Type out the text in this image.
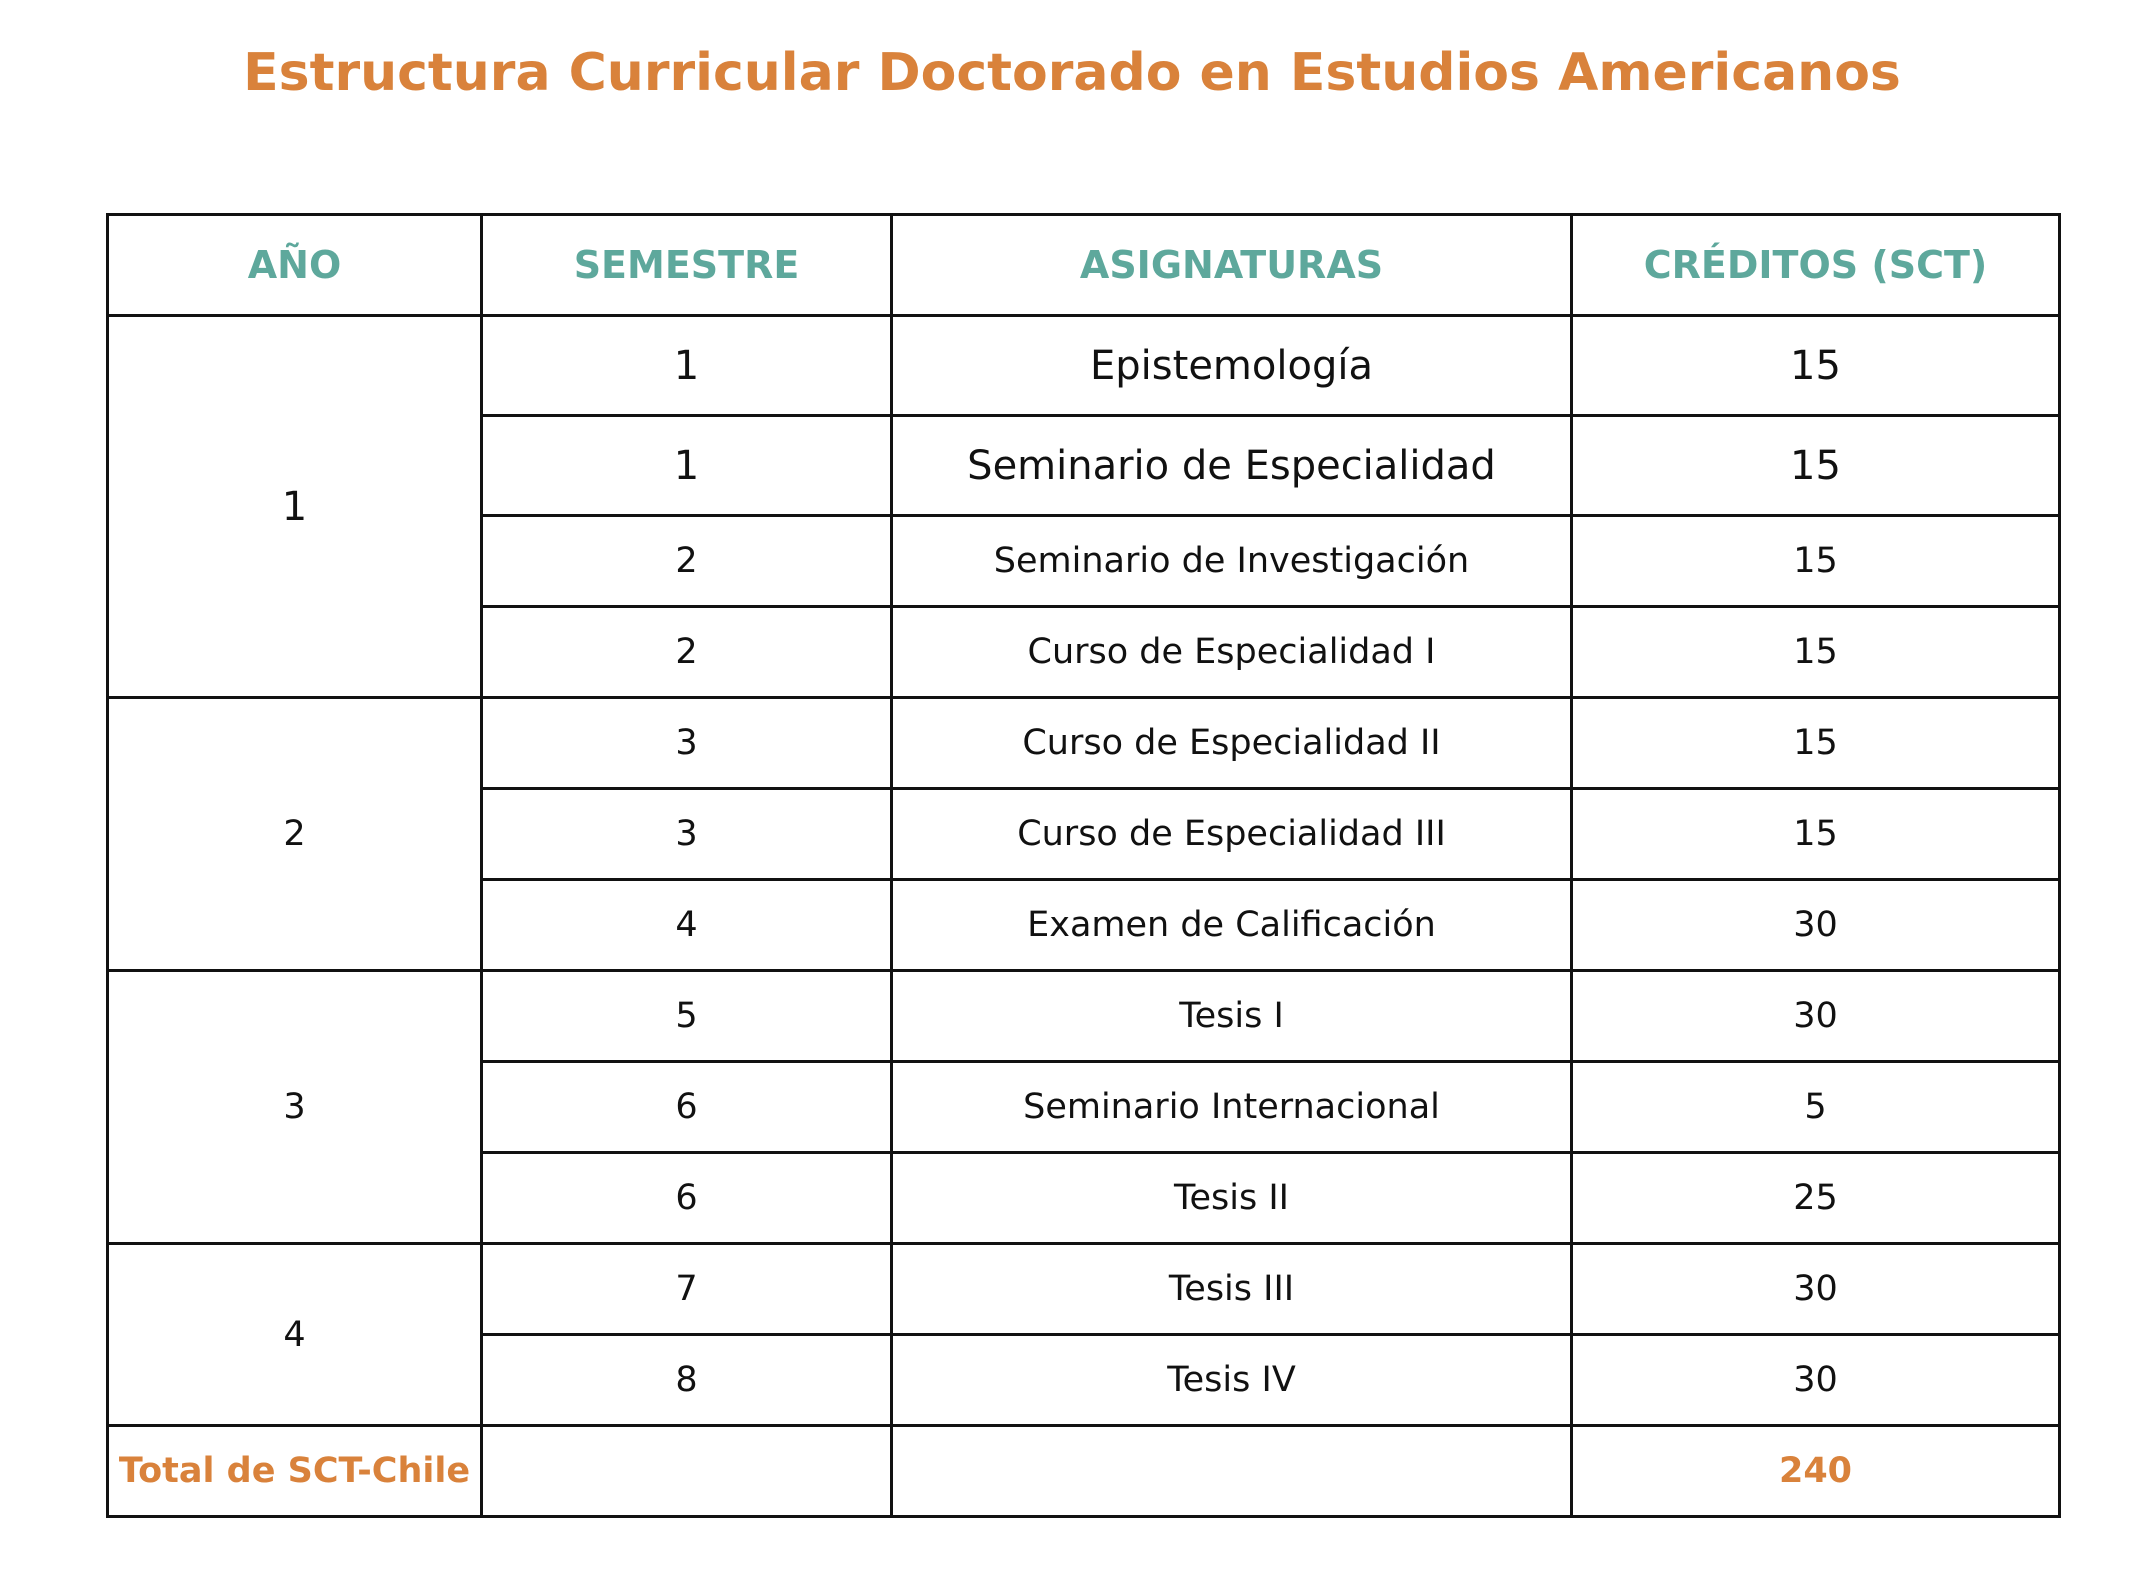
Estructura Curricular Doctorado en Estudios Americanos
AÑO	SEMESTRE	ASIGNATURAS	CRÉDITOS (SCT)
1	1	Epistemología	15
	1	Seminario de Especialidad	15
	2	Seminario de Investigación	15
	2	Curso de Especialidad I	15
2	3	Curso de Especialidad II	15
	3	Curso de Especialidad III	15
	4	Examen de Calificación	30
3	5	Tesis I	30
	6	Seminario Internacional	5
	6	Tesis II	25
4	7	Tesis III	30
	8	Tesis IV	30
Total de SCT-Chile			240
